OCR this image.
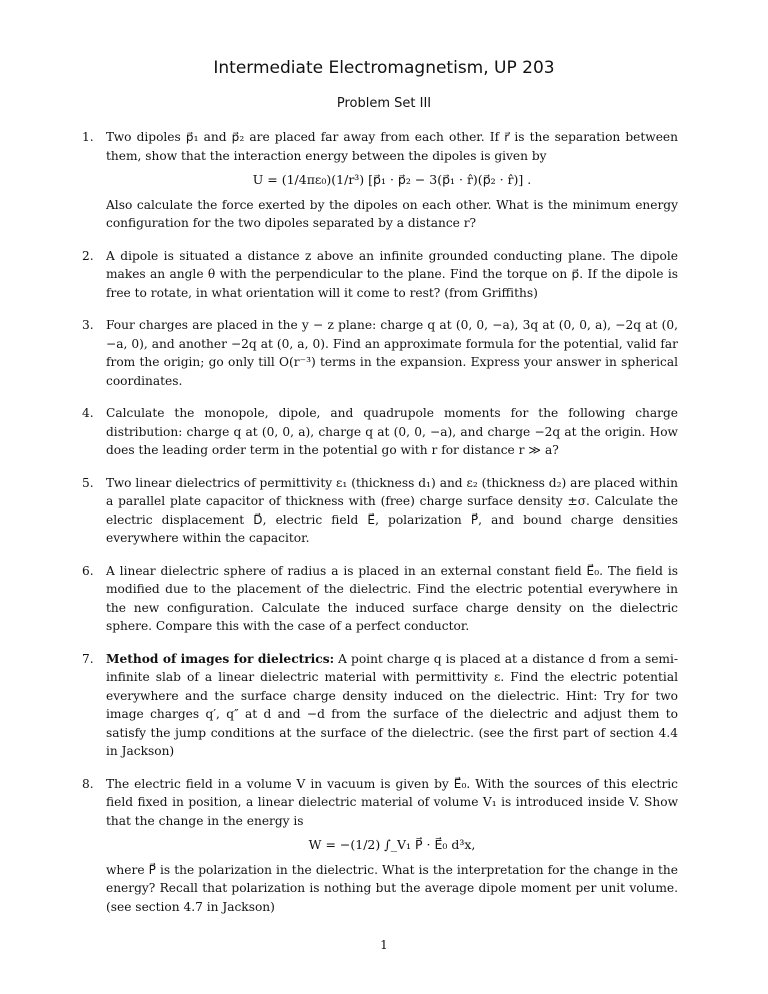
Intermediate Electromagnetism, UP 203
Problem Set III
1. Two dipoles p⃗₁ and p⃗₂ are placed far away from each other. If r⃗ is the separation between them, show that the interaction energy between the dipoles is given by

U = (1/4πε₀)(1/r³) [p⃗₁ · p⃗₂ − 3(p⃗₁ · r̂)(p⃗₂ · r̂)] .

Also calculate the force exerted by the dipoles on each other. What is the minimum energy configuration for the two dipoles separated by a distance r?

2. A dipole is situated a distance z above an infinite grounded conducting plane. The dipole makes an angle θ with the perpendicular to the plane. Find the torque on p⃗. If the dipole is free to rotate, in what orientation will it come to rest? (from Griffiths)

3. Four charges are placed in the y − z plane: charge q at (0, 0, −a), 3q at (0, 0, a), −2q at (0, −a, 0), and another −2q at (0, a, 0). Find an approximate formula for the potential, valid far from the origin; go only till O(r⁻³) terms in the expansion. Express your answer in spherical coordinates.

4. Calculate the monopole, dipole, and quadrupole moments for the following charge distribution: charge q at (0, 0, a), charge q at (0, 0, −a), and charge −2q at the origin. How does the leading order term in the potential go with r for distance r ≫ a?

5. Two linear dielectrics of permittivity ε₁ (thickness d₁) and ε₂ (thickness d₂) are placed within a parallel plate capacitor of thickness with (free) charge surface density ±σ. Calculate the electric displacement D⃗, electric field E⃗, polarization P⃗, and bound charge densities everywhere within the capacitor.

6. A linear dielectric sphere of radius a is placed in an external constant field E⃗₀. The field is modified due to the placement of the dielectric. Find the electric potential everywhere in the new configuration. Calculate the induced surface charge density on the dielectric sphere. Compare this with the case of a perfect conductor.

7. Method of images for dielectrics: A point charge q is placed at a distance d from a semi-infinite slab of a linear dielectric material with permittivity ε. Find the electric potential everywhere and the surface charge density induced on the dielectric. Hint: Try for two image charges q′, q″ at d and −d from the surface of the dielectric and adjust them to satisfy the jump conditions at the surface of the dielectric. (see the first part of section 4.4 in Jackson)

8. The electric field in a volume V in vacuum is given by E⃗₀. With the sources of this electric field fixed in position, a linear dielectric material of volume V₁ is introduced inside V. Show that the change in the energy is

W = −(1/2) ∫_V₁ P⃗ · E⃗₀ d³x,

where P⃗ is the polarization in the dielectric. What is the interpretation for the change in the energy? Recall that polarization is nothing but the average dipole moment per unit volume. (see section 4.7 in Jackson)

1
